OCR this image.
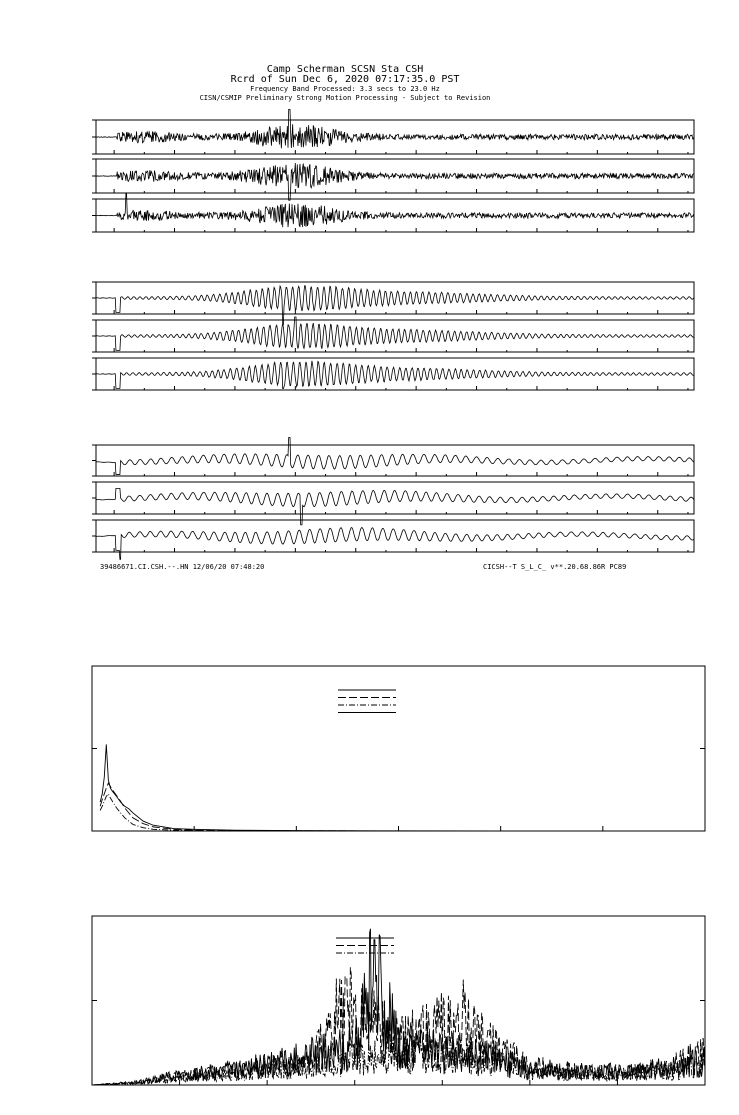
Camp Scherman SCSN Sta CSH
Rcrd of Sun Dec 6, 2020 07:17:35.0 PST
Frequency Band Processed: 3.3 secs to 23.0 Hz
CISN/CSMIP Preliminary Strong Motion Processing - Subject to Revision
39486671.CI.CSH.--.HN 12/06/20 07:48:20	CICSH--T S_L_C_ v**.20.68.86R PC89
